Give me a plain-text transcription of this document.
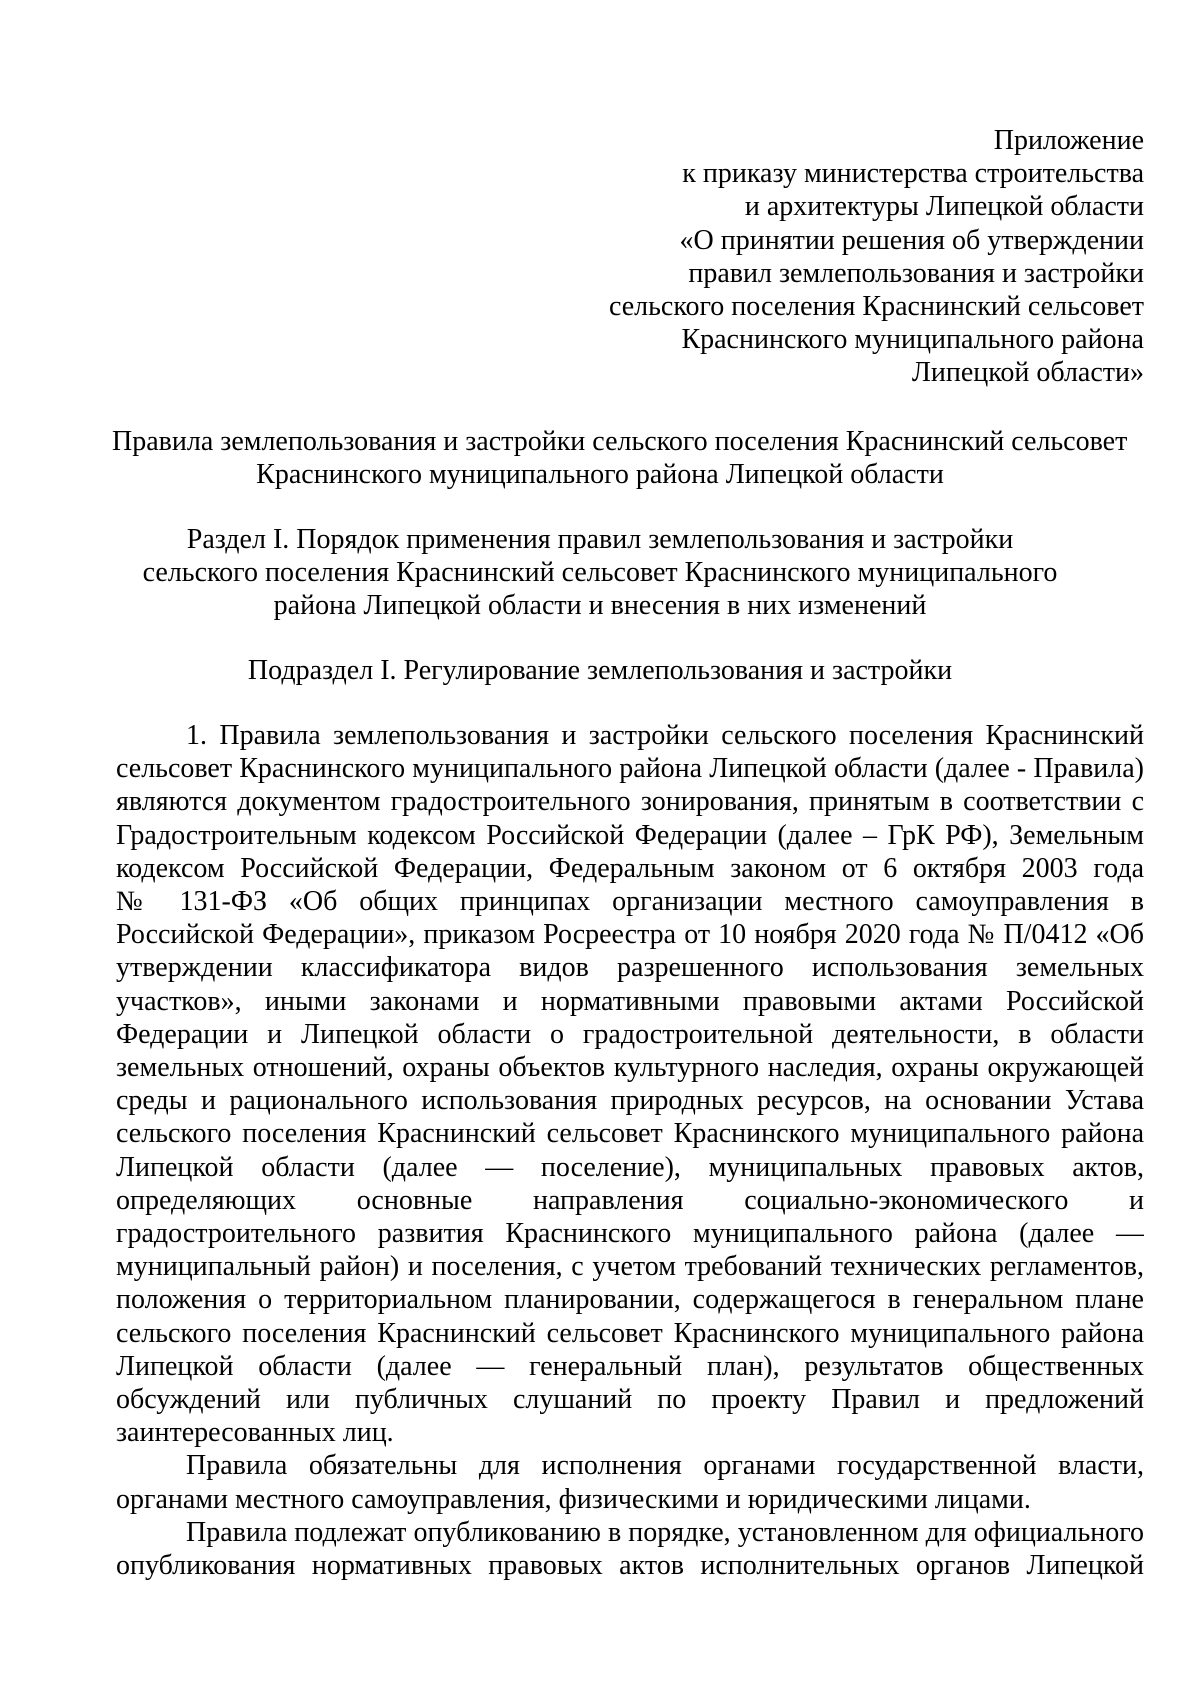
Приложение
к приказу министерства строительства
и архитектуры Липецкой области
«О принятии решения об утверждении
правил землепользования и застройки
сельского поселения Краснинский сельсовет
Краснинского муниципального района
Липецкой области»
Правила землепользования и застройки сельского поселения Краснинский сельсовет
Краснинского муниципального района Липецкой области
Раздел I. Порядок применения правил землепользования и застройки
сельского поселения Краснинский сельсовет Краснинского муниципального
района Липецкой области и внесения в них изменений
Подраздел I. Регулирование землепользования и застройки
1. Правила землепользования и застройки сельского поселения Краснинский
сельсовет Краснинского муниципального района Липецкой области (далее - Правила)
являются документом градостроительного зонирования, принятым в соответствии с
Градостроительным кодексом Российской Федерации (далее – ГрК РФ), Земельным
кодексом Российской Федерации, Федеральным законом от 6 октября 2003 года
№ 131-ФЗ «Об общих принципах организации местного самоуправления в
Российской Федерации», приказом Росреестра от 10 ноября 2020 года № П/0412 «Об
утверждении классификатора видов разрешенного использования земельных
участков», иными законами и нормативными правовыми актами Российской
Федерации и Липецкой области о градостроительной деятельности, в области
земельных отношений, охраны объектов культурного наследия, охраны окружающей
среды и рационального использования природных ресурсов, на основании Устава
сельского поселения Краснинский сельсовет Краснинского муниципального района
Липецкой области (далее — поселение), муниципальных правовых актов,
определяющих основные направления социально-экономического и
градостроительного развития Краснинского муниципального района (далее —
муниципальный район) и поселения, с учетом требований технических регламентов,
положения о территориальном планировании, содержащегося в генеральном плане
сельского поселения Краснинский сельсовет Краснинского муниципального района
Липецкой области (далее — генеральный план), результатов общественных
обсуждений или публичных слушаний по проекту Правил и предложений
заинтересованных лиц.
Правила обязательны для исполнения органами государственной власти,
органами местного самоуправления, физическими и юридическими лицами.
Правила подлежат опубликованию в порядке, установленном для официального
опубликования нормативных правовых актов исполнительных органов Липецкой
